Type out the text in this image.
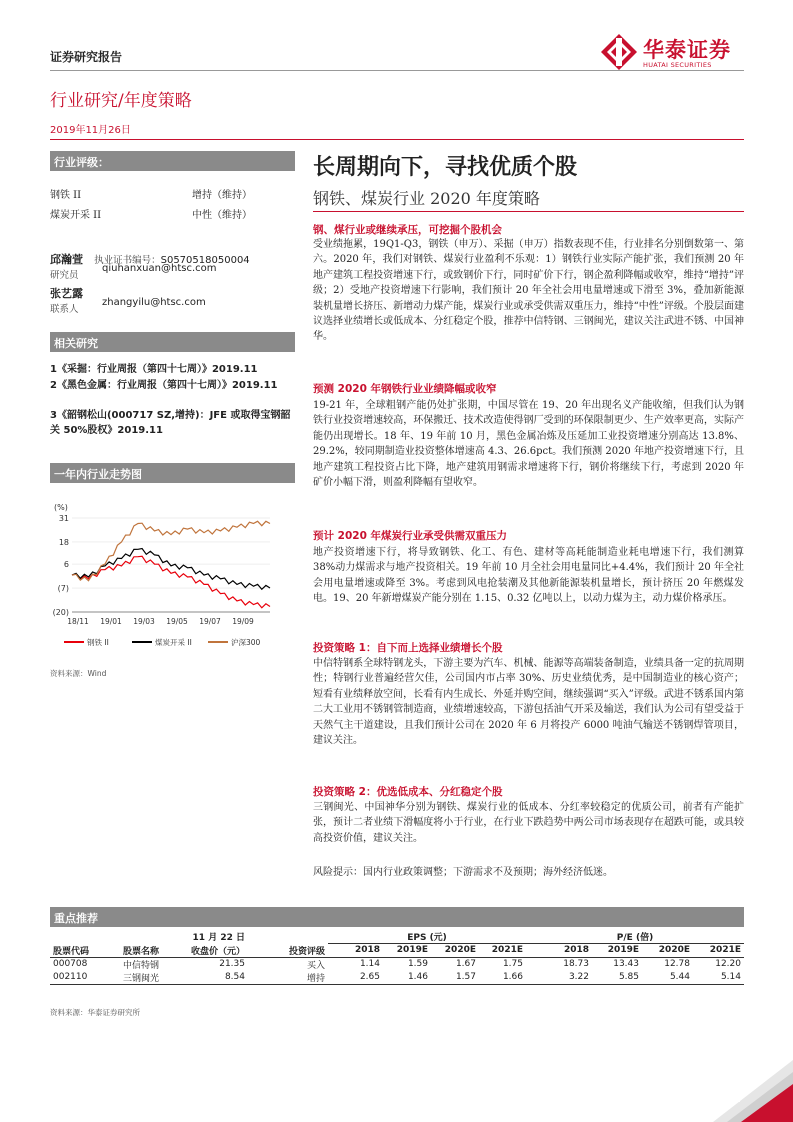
证券研究报告	华泰证券
HUATAI SECURITIES
行业研究/年度策略
2019年11月26日
行业评级：
钢铁 II	增持（维持）
煤炭开采 II	中性（维持）
邱瀚萱 执业证书编号：S0570518050004
研究员
qiuhanxuan@htsc.com
张艺露
联系人
zhangyilu@htsc.com
相关研究
1《采掘：行业周报（第四十七周）》2019.11
2《黑色金属：行业周报（第四十七周）》2019.11
3《韶钢松山(000717 SZ,增持)：JFE 或取得宝钢韶关 50%股权》2019.11
一年内行业走势图
(%)
31
18
6
(7)
(20)
18/11 19/01 19/03 19/05 19/07 19/09
钢铁 II	煤炭开采 II	沪深300
资料来源：Wind
长周期向下，寻找优质个股
钢铁、煤炭行业 2020 年度策略
钢、煤行业或继续承压，可挖掘个股机会
受业绩拖累，19Q1-Q3，钢铁（申万）、采掘（申万）指数表现不佳，行业排名分别倒数第一、第六。2020 年，我们对钢铁、煤炭行业盈利不乐观：1）钢铁行业实际产能扩张，我们预测 20 年地产建筑工程投资增速下行，或致钢价下行，同时矿价下行，钢企盈利降幅或收窄，维持“增持”评级；2）受地产投资增速下行影响，我们预计 20 年全社会用电量增速或下滑至 3%，叠加新能源装机量增长挤压、新增动力煤产能，煤炭行业或承受供需双重压力，维持“中性”评级。个股层面建议选择业绩增长或低成本、分红稳定个股，推荐中信特钢、三钢闽光，建议关注武进不锈、中国神华。
预测 2020 年钢铁行业业绩降幅或收窄
19-21 年，全球粗钢产能仍处扩张期，中国尽管在 19、20 年出现名义产能收缩，但我们认为钢铁行业投资增速较高，环保搬迁、技术改造使得钢厂受到的环保限制更少、生产效率更高，实际产能仍出现增长。18 年、19 年前 10 月，黑色金属冶炼及压延加工业投资增速分别高达 13.8%、29.2%，较同期制造业投资整体增速高 4.3、26.6pct。我们预测 2020 年地产投资增速下行，且地产建筑工程投资占比下降，地产建筑用钢需求增速将下行，钢价将继续下行，考虑到 2020 年矿价小幅下滑，则盈利降幅有望收窄。
预计 2020 年煤炭行业承受供需双重压力
地产投资增速下行，将导致钢铁、化工、有色、建材等高耗能制造业耗电增速下行，我们测算 38%动力煤需求与地产投资相关。19 年前 10 月全社会用电量同比+4.4%，我们预计 20 年全社会用电量增速或降至 3%。考虑到风电抢装潮及其他新能源装机量增长，预计挤压 20 年燃煤发电。19、20 年新增煤炭产能分别在 1.15、0.32 亿吨以上，以动力煤为主，动力煤价格承压。
投资策略 1：自下而上选择业绩增长个股
中信特钢系全球特钢龙头，下游主要为汽车、机械、能源等高端装备制造，业绩具备一定的抗周期性；特钢行业普遍经营欠佳，公司国内市占率 30%、历史业绩优秀，是中国制造业的核心资产；短看有业绩释放空间，长看有内生成长、外延并购空间，继续强调“买入”评级。武进不锈系国内第二大工业用不锈钢管制造商，业绩增速较高，下游包括油气开采及输送，我们认为公司有望受益于天然气主干道建设，且我们预计公司在 2020 年 6 月将投产 6000 吨油气输送不锈钢焊管项目，建议关注。
投资策略 2：优选低成本、分红稳定个股
三钢闽光、中国神华分别为钢铁、煤炭行业的低成本、分红率较稳定的优质公司，前者有产能扩张，预计二者业绩下滑幅度将小于行业，在行业下跌趋势中两公司市场表现存在超跌可能，或具较高投资价值，建议关注。
风险提示：国内行业政策调整；下游需求不及预期；海外经济低迷。
重点推荐
		11 月 22 日		EPS (元)				P/E (倍)			
股票代码	股票名称	收盘价（元）	投资评级	2018	2019E	2020E	2021E	2018	2019E	2020E	2021E
000708	中信特钢	21.35	买入	1.14	1.59	1.67	1.75	18.73	13.43	12.78	12.20
002110	三钢闽光	8.54	增持	2.65	1.46	1.57	1.66	3.22	5.85	5.44	5.14
资料来源：华泰证券研究所
1
